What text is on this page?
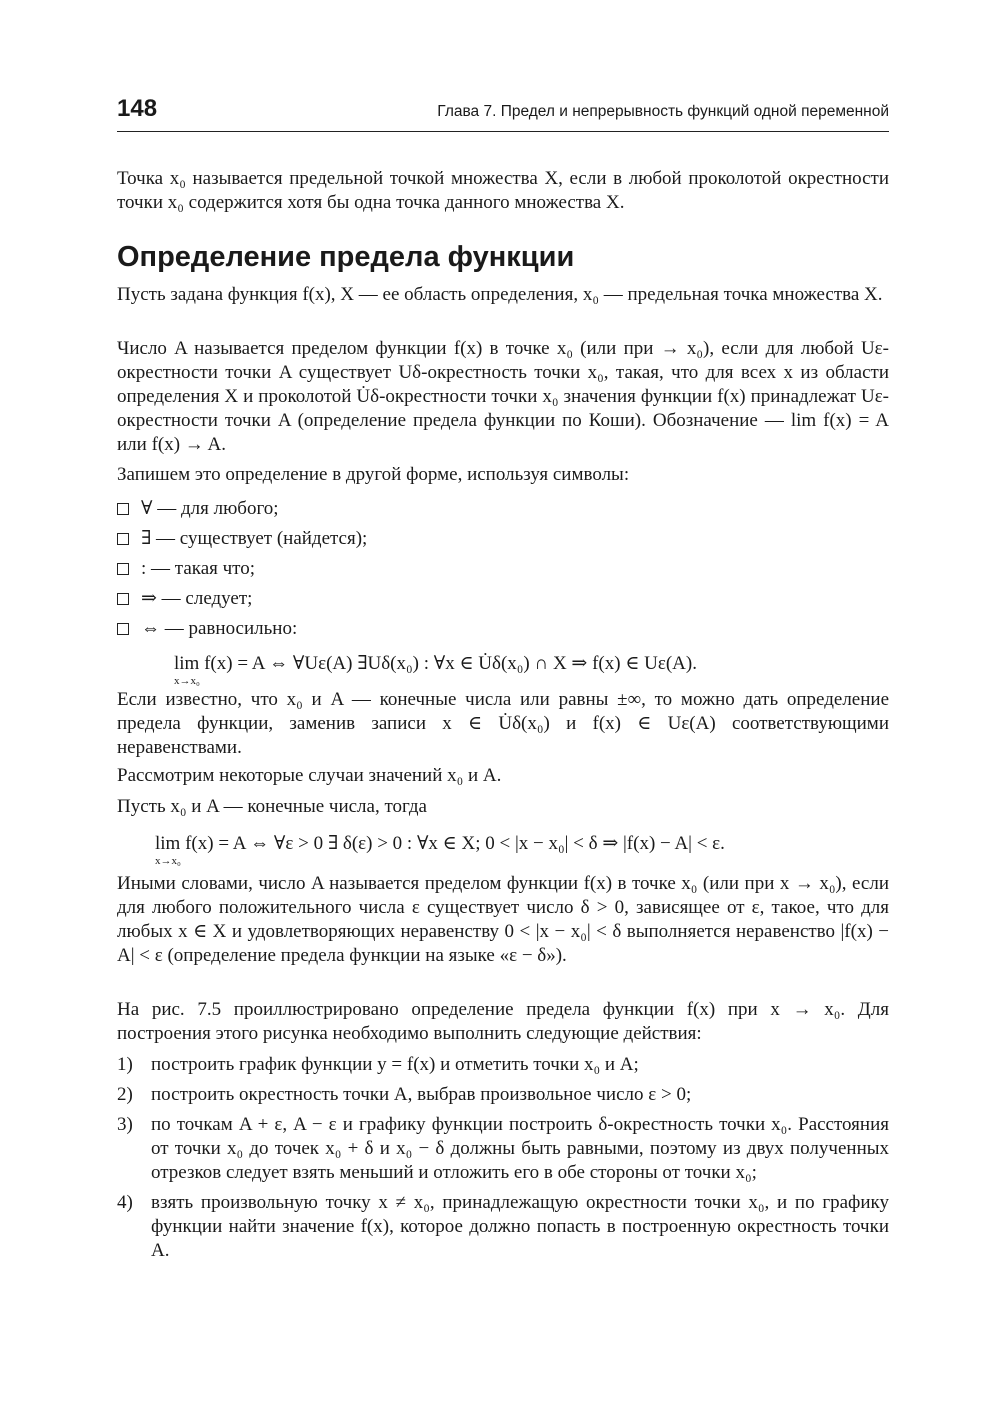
148	Глава 7. Предел и непрерывность функций одной переменной

Точка x₀ называется предельной точкой множества X, если в любой проколотой окрестности точки x₀ содержится хотя бы одна точка данного множества X.

Определение предела функции

Пусть задана функция f(x), X — ее область определения, x₀ — предельная точка множества X.

Число A называется пределом функции f(x) в точке x₀ (или при → x₀), если для любой Uε-окрестности точки A существует Uδ-окрестность точки x₀, такая, что для всех x из области определения X и проколотой U̇δ-окрестности точки x₀ значения функции f(x) принадлежат Uε-окрестности точки A (определение предела функции по Коши). Обозначение — lim f(x) = A или f(x) → A.

Запишем это определение в другой форме, используя символы:

∀ — для любого;
∃ — существует (найдется);
: — такая что;
⇒ — следует;
⇔ — равносильно:
lim f(x) = A ⇔ ∀Uε(A) ∃Uδ(x₀) : ∀x ∈ U̇δ(x₀) ∩ X ⇒ f(x) ∈ Uε(A).
x→x₀

Если известно, что x₀ и A — конечные числа или равны ±∞, то можно дать определение предела функции, заменив записи x ∈ U̇δ(x₀) и f(x) ∈ Uε(A) соответствующими неравенствами.

Рассмотрим некоторые случаи значений x₀ и A.

Пусть x₀ и A — конечные числа, тогда

lim f(x) = A ⇔ ∀ε > 0 ∃ δ(ε) > 0 : ∀x ∈ X; 0 < |x − x₀| < δ ⇒ |f(x) − A| < ε.
x→x₀

Иными словами, число A называется пределом функции f(x) в точке x₀ (или при x → x₀), если для любого положительного числа ε существует число δ > 0, зависящее от ε, такое, что для любых x ∈ X и удовлетворяющих неравенству 0 < |x − x₀| < δ выполняется неравенство |f(x) − A| < ε (определение предела функции на языке «ε − δ»).

На рис. 7.5 проиллюстрировано определение предела функции f(x) при x → x₀. Для построения этого рисунка необходимо выполнить следующие действия:

1) построить график функции y = f(x) и отметить точки x₀ и A;
2) построить окрестность точки A, выбрав произвольное число ε > 0;
3) по точкам A + ε, A − ε и графику функции построить δ-окрестность точки x₀. Расстояния от точки x₀ до точек x₀ + δ и x₀ − δ должны быть равными, поэтому из двух полученных отрезков следует взять меньший и отложить его в обе стороны от точки x₀;
4) взять произвольную точку x ≠ x₀, принадлежащую окрестности точки x₀, и по графику функции найти значение f(x), которое должно попасть в построенную окрестность точки A.
